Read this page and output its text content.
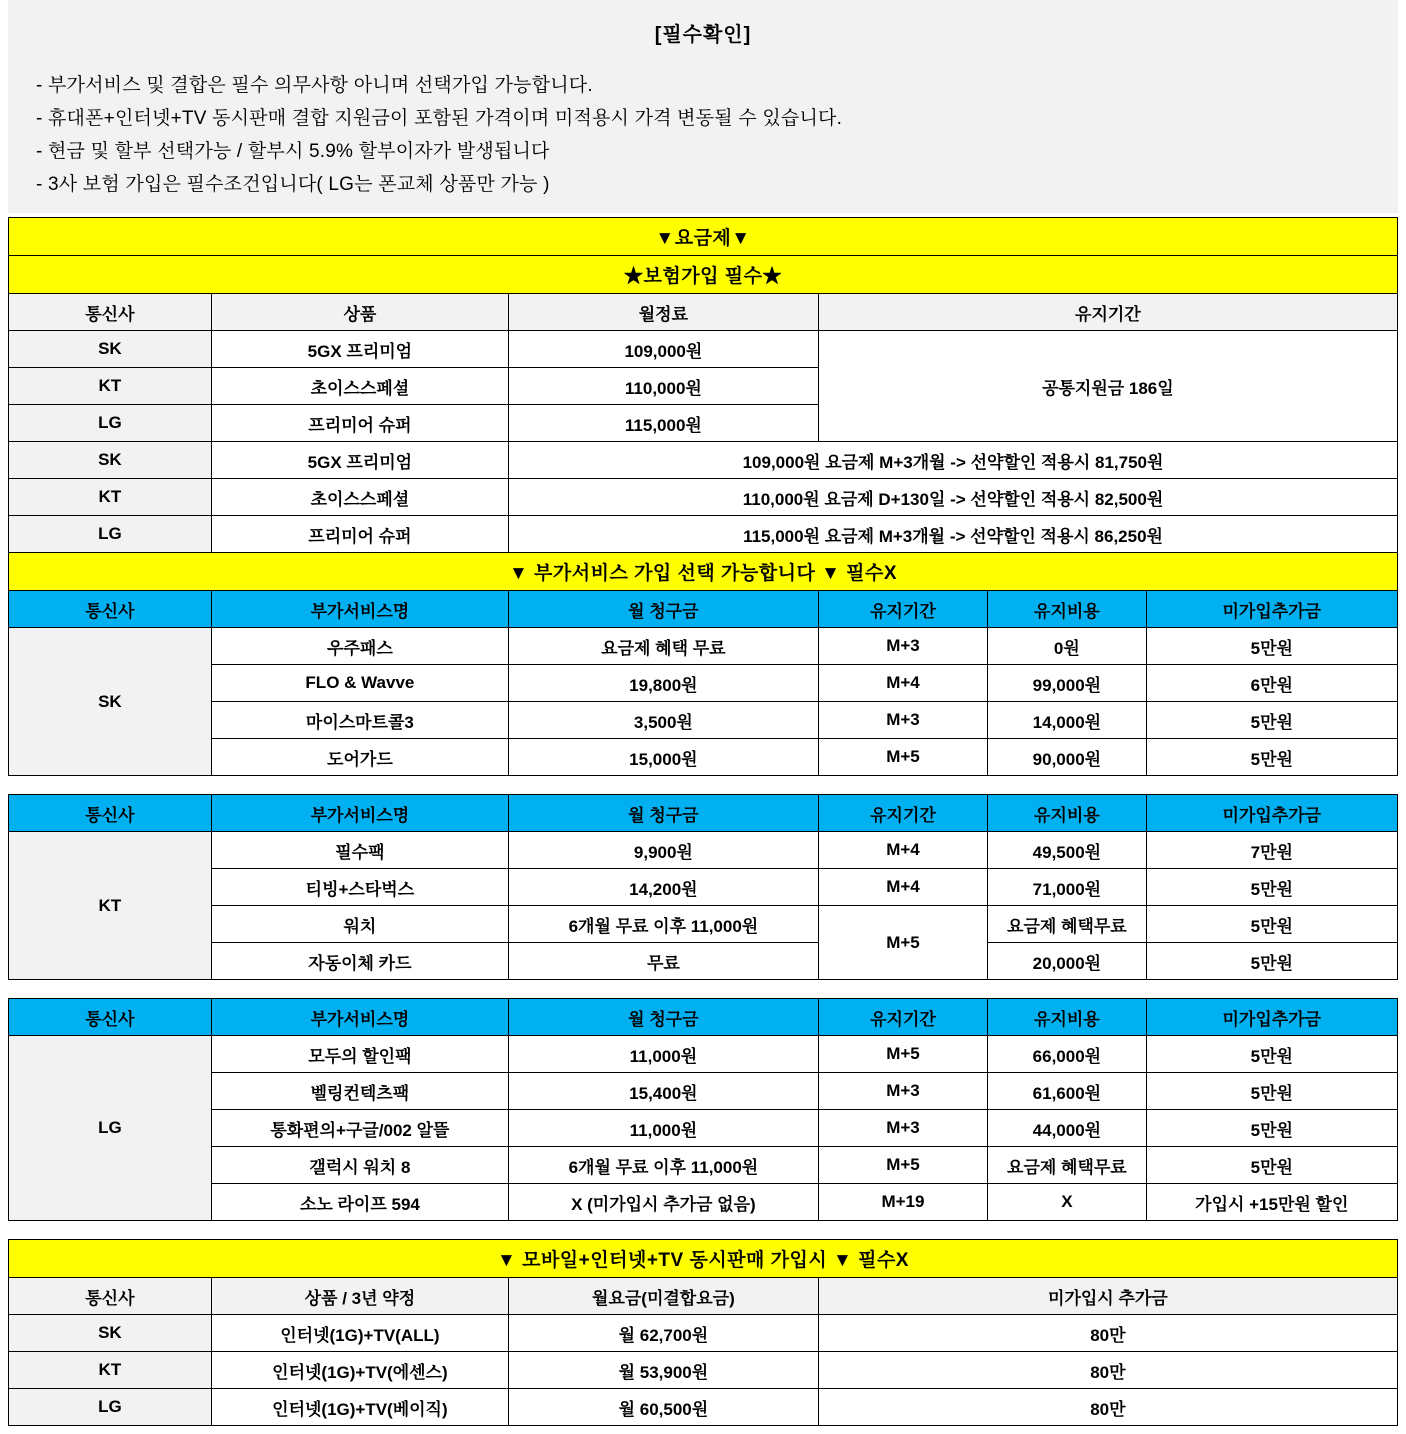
[필수확인]
- 부가서비스 및 결합은 필수 의무사항 아니며 선택가입 가능합니다.
- 휴대폰+인터넷+TV 동시판매 결합 지원금이 포함된 가격이며 미적용시 가격 변동될 수 있습니다.
- 현금 및 할부 선택가능 / 할부시 5.9% 할부이자가 발생됩니다
- 3사 보험 가입은 필수조건입니다( LG는 폰교체 상품만 가능 )
▼요금제▼					
★보험가입 필수★					
통신사	상품	월정료	유지기간		
SK	5GX 프리미엄	109,000원	공통지원금 186일		
KT	초이스스페셜	110,000원			
LG	프리미어 슈퍼	115,000원			
SK	5GX 프리미엄	109,000원 요금제 M+3개월 -> 선약할인 적용시 81,750원			
KT	초이스스페셜	110,000원 요금제 D+130일 -> 선약할인 적용시 82,500원			
LG	프리미어 슈퍼	115,000원 요금제 M+3개월 -> 선약할인 적용시 86,250원			
▼ 부가서비스 가입 선택 가능합니다 ▼ 필수X					
통신사	부가서비스명	월 청구금	유지기간	유지비용	미가입추가금
SK	우주패스	요금제 혜택 무료	M+3	0원	5만원
	FLO & Wavve	19,800원	M+4	99,000원	6만원
	마이스마트콜3	3,500원	M+3	14,000원	5만원
	도어가드	15,000원	M+5	90,000원	5만원
통신사	부가서비스명	월 청구금	유지기간	유지비용	미가입추가금
KT	필수팩	9,900원	M+4	49,500원	7만원
	티빙+스타벅스	14,200원	M+4	71,000원	5만원
	워치	6개월 무료 이후 11,000원	M+5	요금제 혜택무료	5만원
	자동이체 카드	무료		20,000원	5만원
통신사	부가서비스명	월 청구금	유지기간	유지비용	미가입추가금
LG	모두의 할인팩	11,000원	M+5	66,000원	5만원
	벨링컨텍츠팩	15,400원	M+3	61,600원	5만원
	통화편의+구글/002 알뜰	11,000원	M+3	44,000원	5만원
	갤럭시 워치 8	6개월 무료 이후 11,000원	M+5	요금제 혜택무료	5만원
	소노 라이프 594	X (미가입시 추가금 없음)	M+19	X	가입시 +15만원 할인
▼ 모바일+인터넷+TV 동시판매 가입시 ▼ 필수X			
통신사	상품 / 3년 약정	월요금(미결합요금)	미가입시 추가금
SK	인터넷(1G)+TV(ALL)	월 62,700원	80만
KT	인터넷(1G)+TV(에센스)	월 53,900원	80만
LG	인터넷(1G)+TV(베이직)	월 60,500원	80만
